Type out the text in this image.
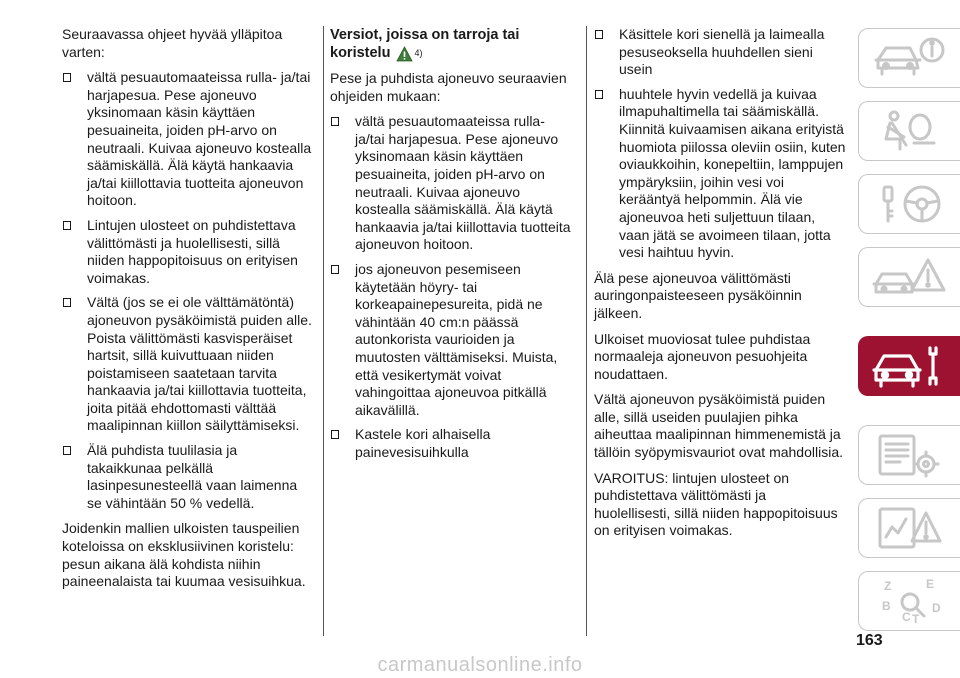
Seuraavassa ohjeet hyvää ylläpitoa varten:

vältä pesuautomaateissa rulla- ja/tai harjapesua. Pese ajoneuvo yksinomaan käsin käyttäen pesuaineita, joiden pH-arvo on neutraali. Kuivaa ajoneuvo kostealla säämiskällä. Älä käytä hankaavia ja/tai kiillottavia tuotteita ajoneuvon hoitoon.
Lintujen ulosteet on puhdistettava välittömästi ja huolellisesti, sillä niiden happopitoisuus on erityisen voimakas.
Vältä (jos se ei ole välttämätöntä) ajoneuvon pysäköimistä puiden alle. Poista välittömästi kasvisperäiset hartsit, sillä kuivuttuaan niiden poistamiseen saatetaan tarvita hankaavia ja/tai kiillottavia tuotteita, joita pitää ehdottomasti välttää maalipinnan kiillon säilyttämiseksi.
Älä puhdista tuulilasia ja takaikkunaa pelkällä lasinpesunesteellä vaan laimenna se vähintään 50 % vedellä.

Joidenkin mallien ulkoisten tauspeilien koteloissa on eksklusiivinen koristelu: pesun aikana älä kohdista niihin paineenalaista tai kuumaa vesisuihkua.

Versiot, joissa on tarroja tai koristelu	4)

Pese ja puhdista ajoneuvo seuraavien ohjeiden mukaan:

vältä pesuautomaateissa rulla- ja/tai harjapesua. Pese ajoneuvo yksinomaan käsin käyttäen pesuaineita, joiden pH-arvo on neutraali. Kuivaa ajoneuvo kostealla säämiskällä. Älä käytä hankaavia ja/tai kiillottavia tuotteita ajoneuvon hoitoon.
jos ajoneuvon pesemiseen käytetään höyry- tai korkeapainepesureita, pidä ne vähintään 40 cm:n päässä autonkorista vaurioiden ja muutosten välttämiseksi. Muista, että vesikertymät voivat vahingoittaa ajoneuvoa pitkällä aikavälillä.
Kastele kori alhaisella painevesisuihkulla
Käsittele kori sienellä ja laimealla pesuseoksella huuhdellen sieni usein
huuhtele hyvin vedellä ja kuivaa ilmapuhaltimella tai säämiskällä. Kiinnitä kuivaamisen aikana erityistä huomiota piilossa oleviin osiin, kuten oviaukkoihin, konepeltiin, lamppujen ympäryksiin, joihin vesi voi kerääntyä helpommin. Älä vie ajoneuvoa heti suljettuun tilaan, vaan jätä se avoimeen tilaan, jotta vesi haihtuu hyvin.

Älä pese ajoneuvoa välittömästi auringonpaisteeseen pysäköinnin jälkeen.

Ulkoiset muoviosat tulee puhdistaa normaaleja ajoneuvon pesuohjeita noudattaen.

Vältä ajoneuvon pysäköimistä puiden alle, sillä useiden puulajien pihka aiheuttaa maalipinnan himmenemistä ja tällöin syöpymisvauriot ovat mahdollisia.

VAROITUS: lintujen ulosteet on puhdistettava välittömästi ja huolellisesti, sillä niiden happopitoisuus on erityisen voimakas.

Z	E
B
C T
D
163
carmanualsonline.info
